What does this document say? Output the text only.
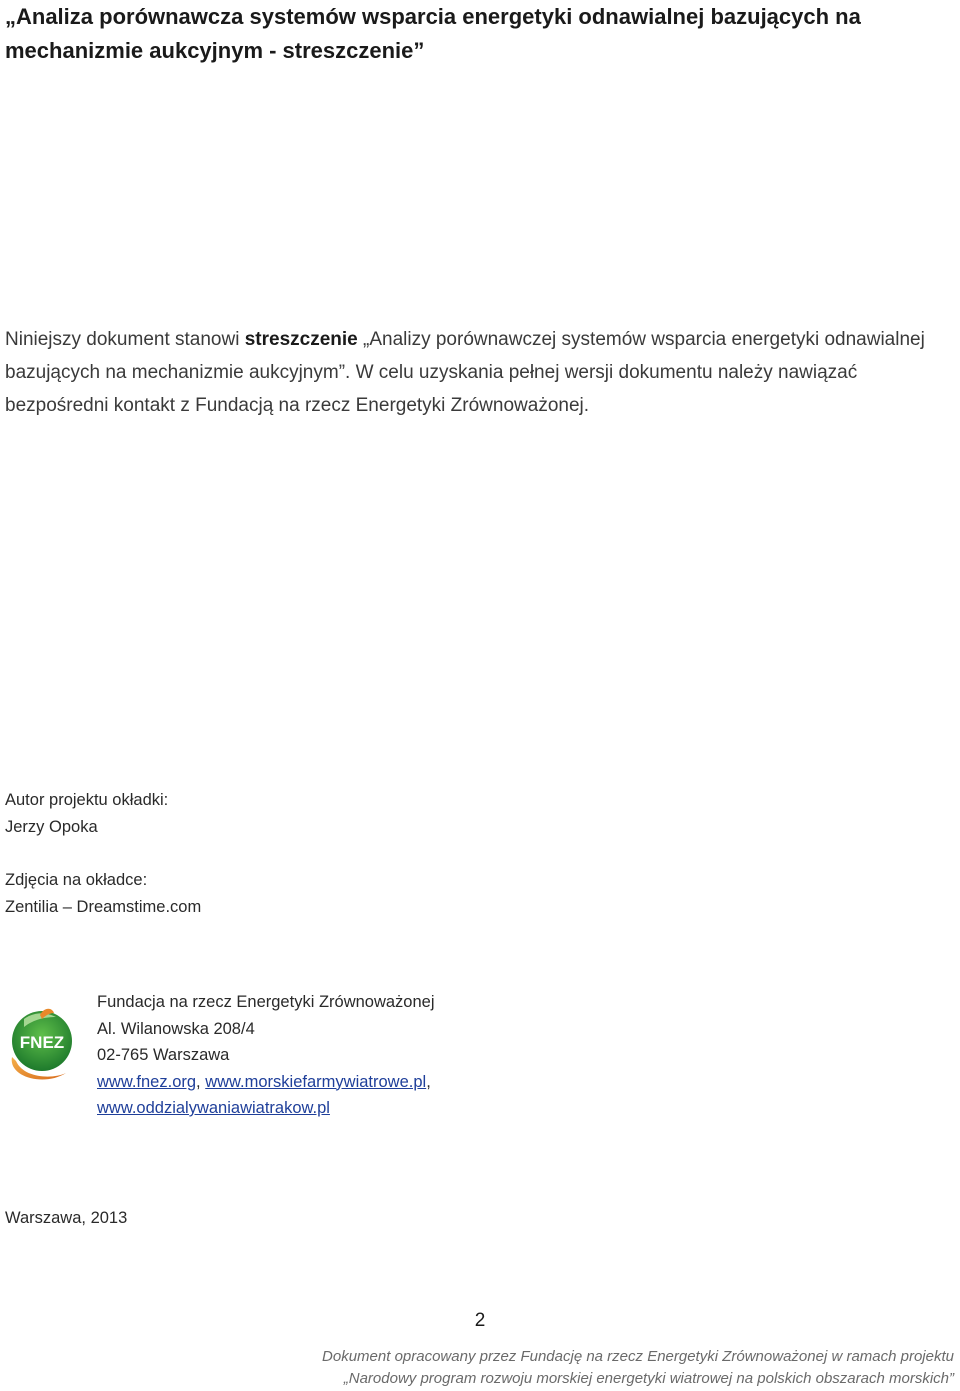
„Analiza porównawcza systemów wsparcia energetyki odnawialnej bazujących na mechanizmie aukcyjnym - streszczenie”

Niniejszy dokument stanowi streszczenie „Analizy porównawczej systemów wsparcia energetyki odnawialnej bazujących na mechanizmie aukcyjnym”. W celu uzyskania pełnej wersji dokumentu należy nawiązać bezpośredni kontakt z Fundacją na rzecz Energetyki Zrównoważonej.

Autor projektu okładki:
Jerzy Opoka

Zdjęcia na okładce:
Zentilia – Dreamstime.com

FNEZ
Fundacja na rzecz Energetyki Zrównoważonej
Al. Wilanowska 208/4
02-765 Warszawa
www.fnez.org, www.morskiefarmywiatrowe.pl,
www.oddzialywaniawiatrakow.pl
Warszawa, 2013
2
Dokument opracowany przez Fundację na rzecz Energetyki Zrównoważonej w ramach projektu
„Narodowy program rozwoju morskiej energetyki wiatrowej na polskich obszarach morskich”
